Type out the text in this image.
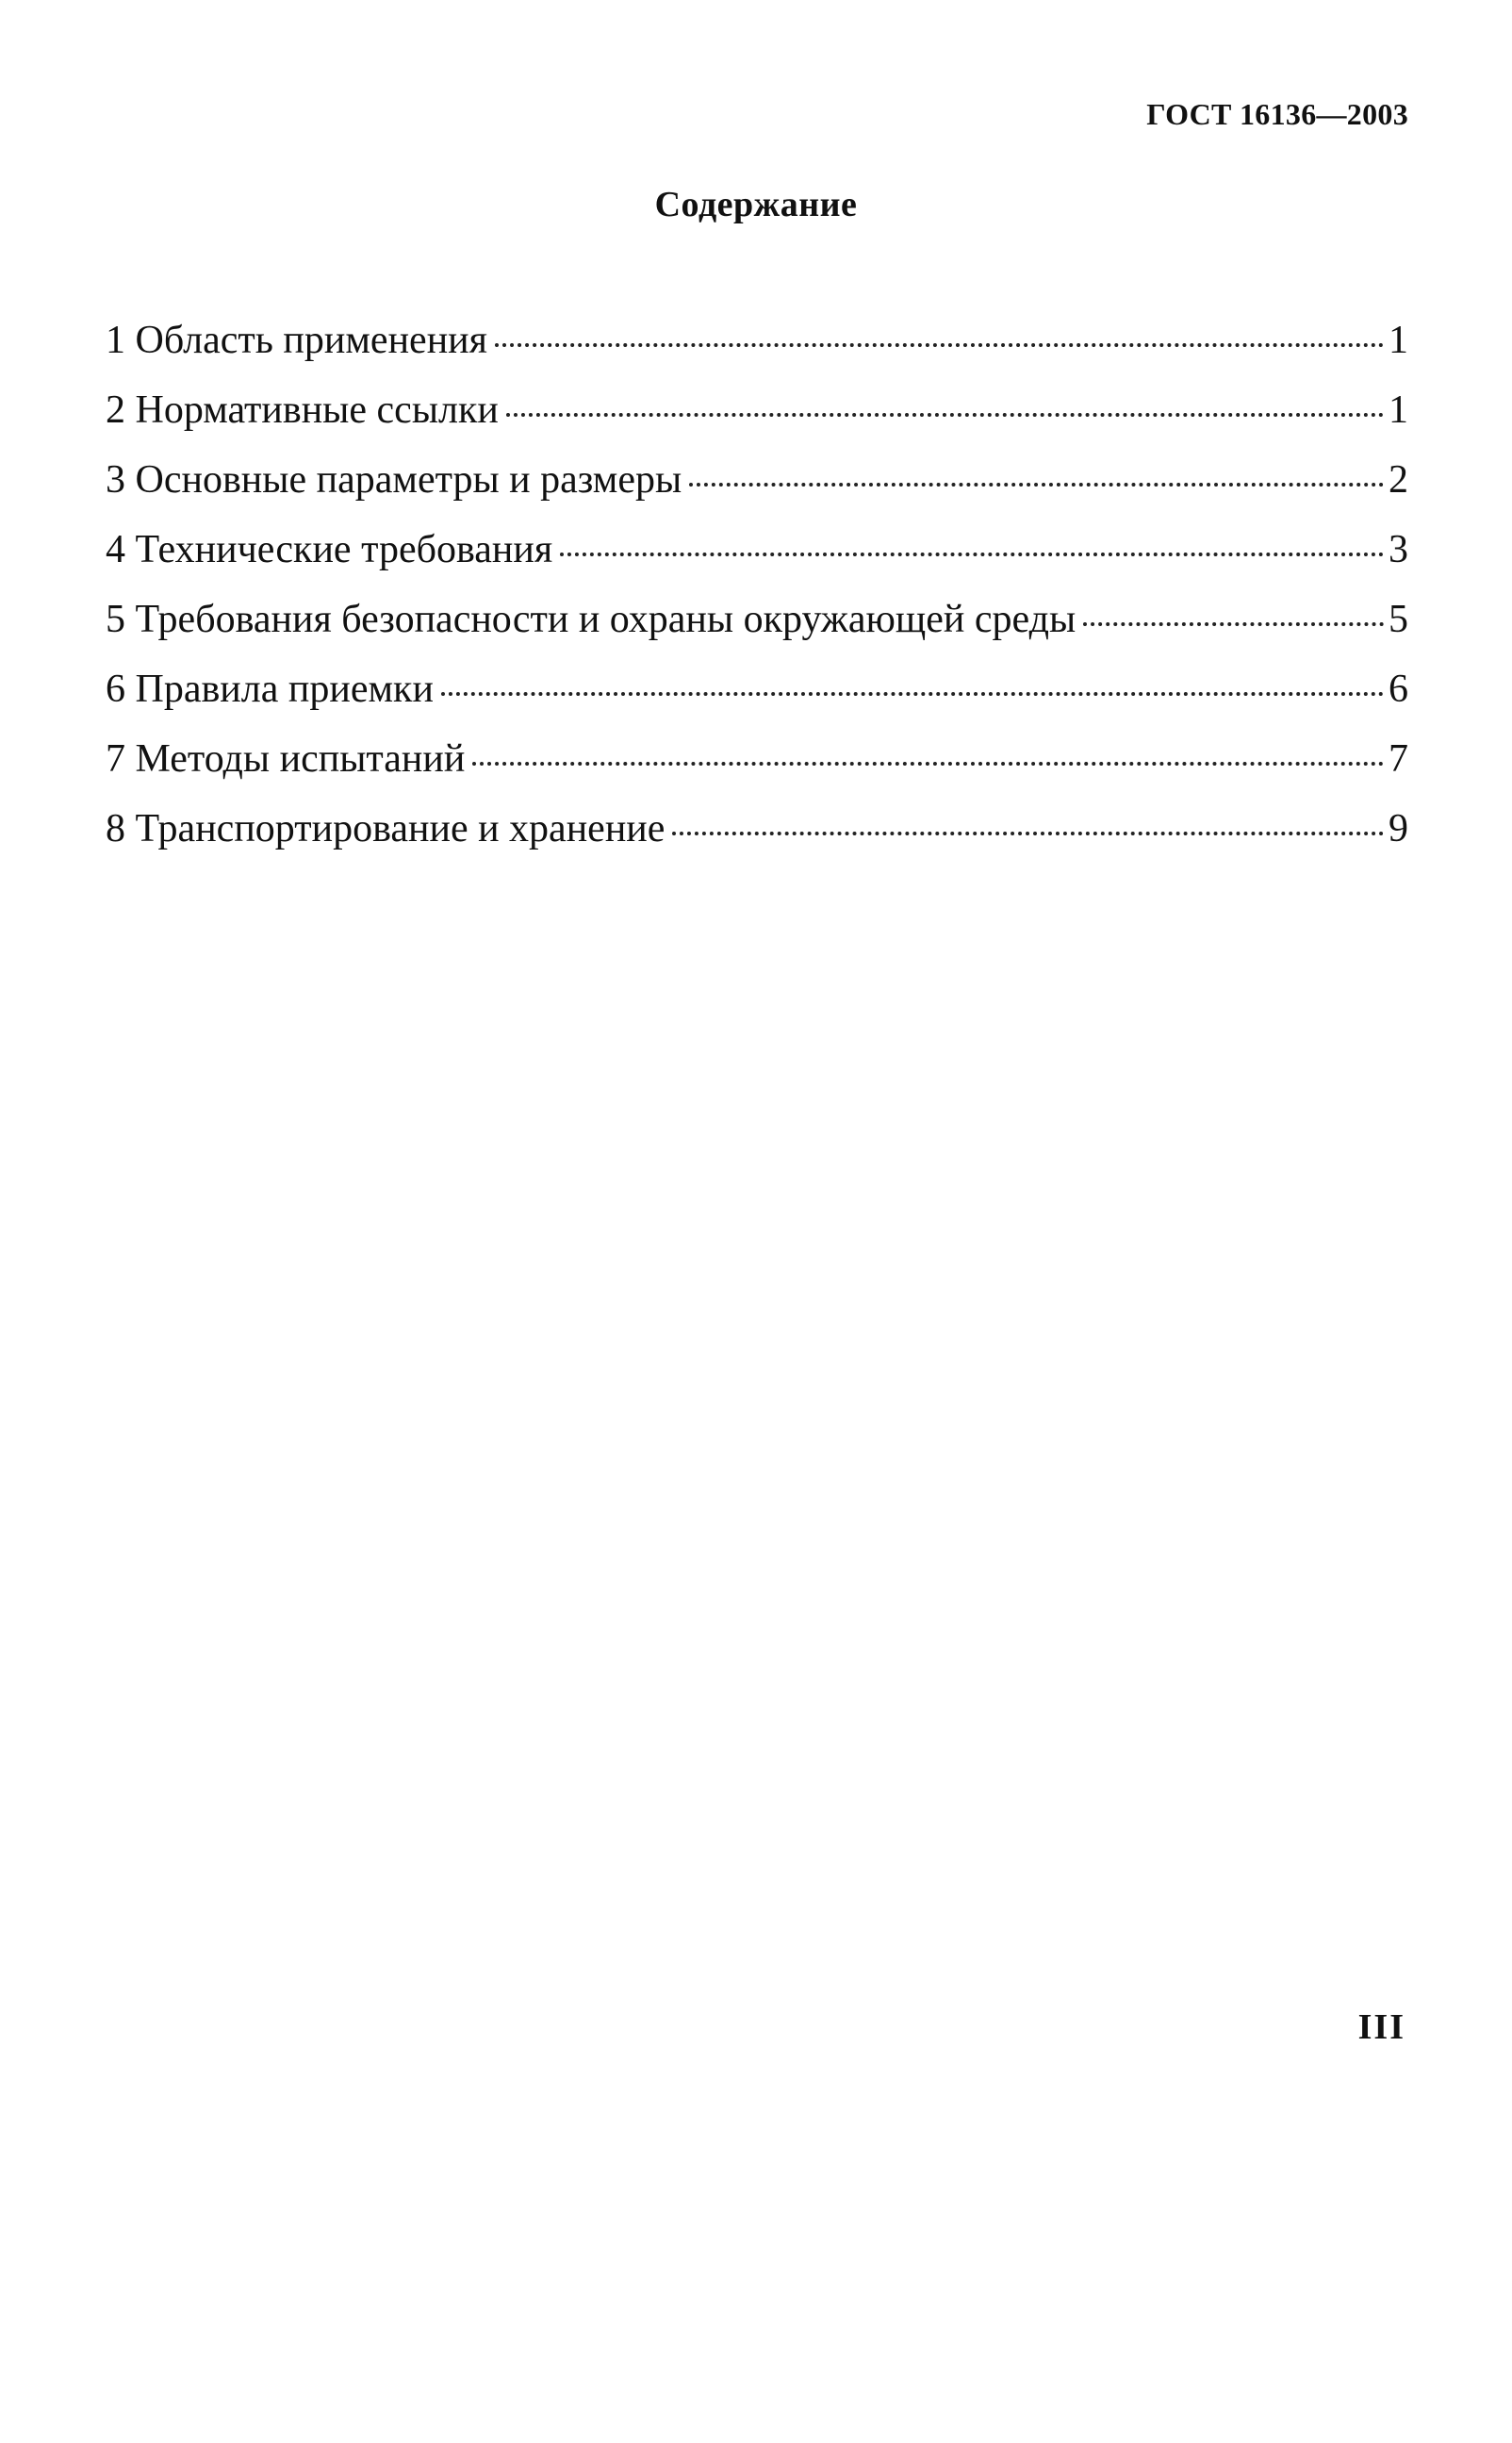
ГОСТ 16136—2003
Содержание
1 Область применения	1
2 Нормативные ссылки	1
3 Основные параметры и размеры	2
4 Технические требования	3
5 Требования безопасности и охраны окружающей среды	5
6 Правила приемки	6
7 Методы испытаний	7
8 Транспортирование и хранение	9
III
